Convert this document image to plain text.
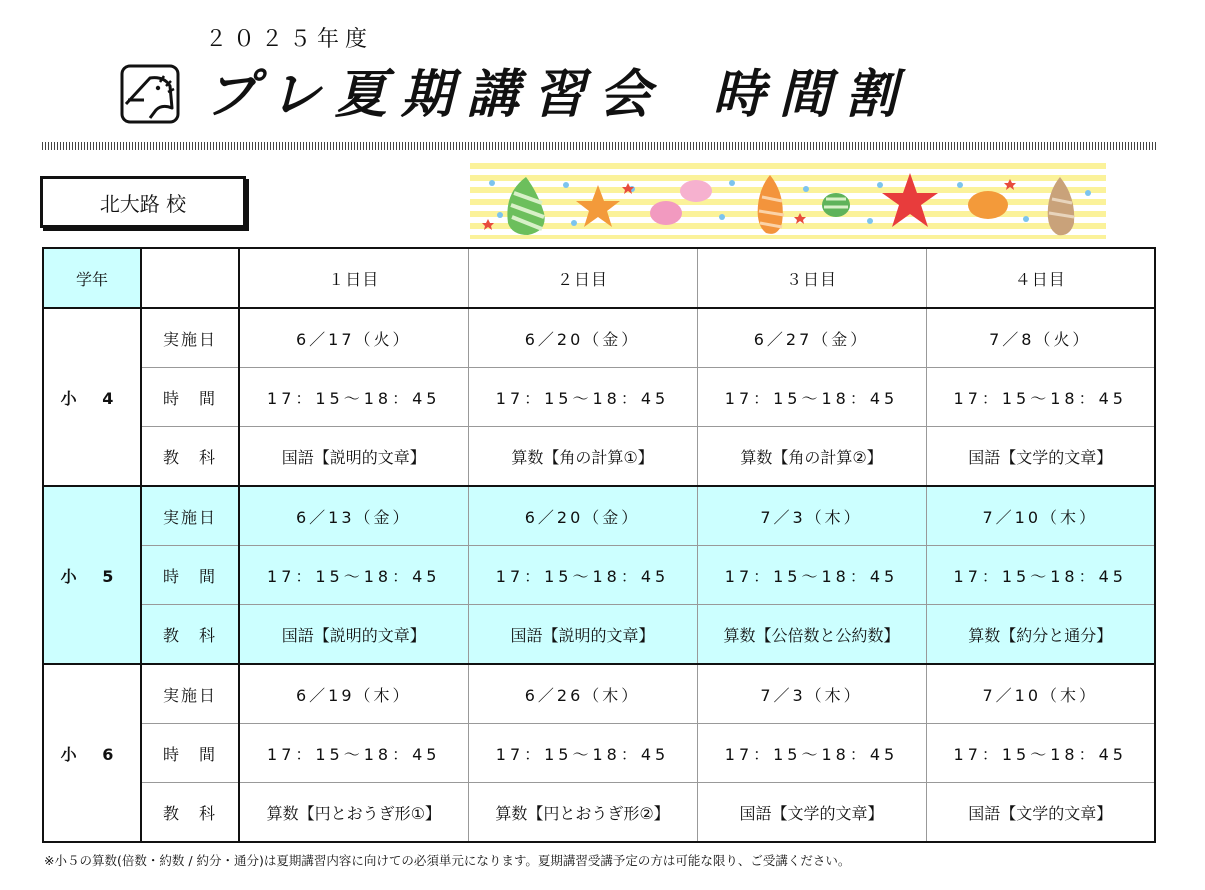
２０２５年度
プレ夏期講習会 時間割
北大路 校
学年		１日目	２日目	３日目	４日目
小 4	実施日	6／17（火）	6／20（金）	6／27（金）	7／8（火）
	時　間	17：15～18：45	17：15～18：45	17：15～18：45	17：15～18：45
	教　科	国語【説明的文章】	算数【角の計算①】	算数【角の計算②】	国語【文学的文章】
小 5	実施日	6／13（金）	6／20（金）	7／3（木）	7／10（木）
	時　間	17：15～18：45	17：15～18：45	17：15～18：45	17：15～18：45
	教　科	国語【説明的文章】	国語【説明的文章】	算数【公倍数と公約数】	算数【約分と通分】
小 6	実施日	6／19（木）	6／26（木）	7／3（木）	7／10（木）
	時　間	17：15～18：45	17：15～18：45	17：15～18：45	17：15～18：45
	教　科	算数【円とおうぎ形①】	算数【円とおうぎ形②】	国語【文学的文章】	国語【文学的文章】
※小５の算数(倍数・約数 / 約分・通分)は夏期講習内容に向けての必須単元になります。夏期講習受講予定の方は可能な限り、ご受講ください。
